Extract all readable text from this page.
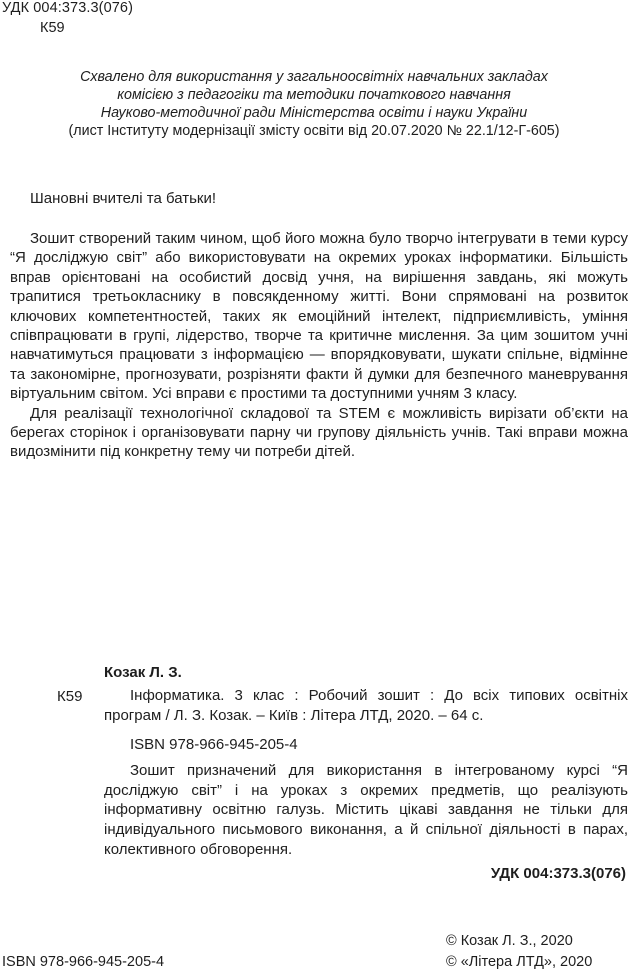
УДК 004:373.3(076)
К59
Схвалено для використання у загальноосвітніх навчальних закладах
комісією з педагогіки та методики початкового навчання
Науково-методичної ради Міністерства освіти і науки України
(лист Інституту модернізації змісту освіти від 20.07.2020 № 22.1/12-Г-605)
Шановні вчителі та батьки!

Зошит створений таким чином, щоб його можна було творчо інтегрувати в теми курсу “Я досліджую світ” або використовувати на окремих уроках інформатики. Більшість вправ орієнтовані на особистий досвід учня, на вирішення завдань, які можуть трапитися третьокласнику в повсякденному житті. Вони спрямовані на розвиток ключових компетентностей, таких як емоційний інтелект, підприємливість, уміння співпрацювати в групі, лідерство, творче та критичне мислення. За цим зошитом учні навчатимуться працювати з інформацією — впорядковувати, шукати спільне, відмінне та закономірне, прогнозувати, розрізняти факти й думки для безпечного маневрування віртуальним світом. Усі вправи є простими та доступними учням 3 класу.

Для реалізації технологічної складової та STEM є можливість вирізати об’єкти на берегах сторінок і організовувати парну чи групову діяльність учнів. Такі вправи можна видозмінити під конкретну тему чи потреби дітей.

Козак Л. З.
К59	Інформатика. 3 клас : Робочий зошит : До всіх типових освітніх програм / Л. З. Козак. – Київ : Літера ЛТД, 2020. – 64 с.

ISBN 978-966-945-205-4

Зошит призначений для використання в інтегрованому курсі “Я досліджую світ” і на уроках з окремих предметів, що реалізують інформативну освітню галузь. Містить цікаві завдання не тільки для індивідуального письмового виконання, а й спільної діяльності в парах, колективного обговорення.

УДК 004:373.3(076)
ISBN 978-966-945-205-4
© Козак Л. З., 2020
© «Літера ЛТД», 2020
